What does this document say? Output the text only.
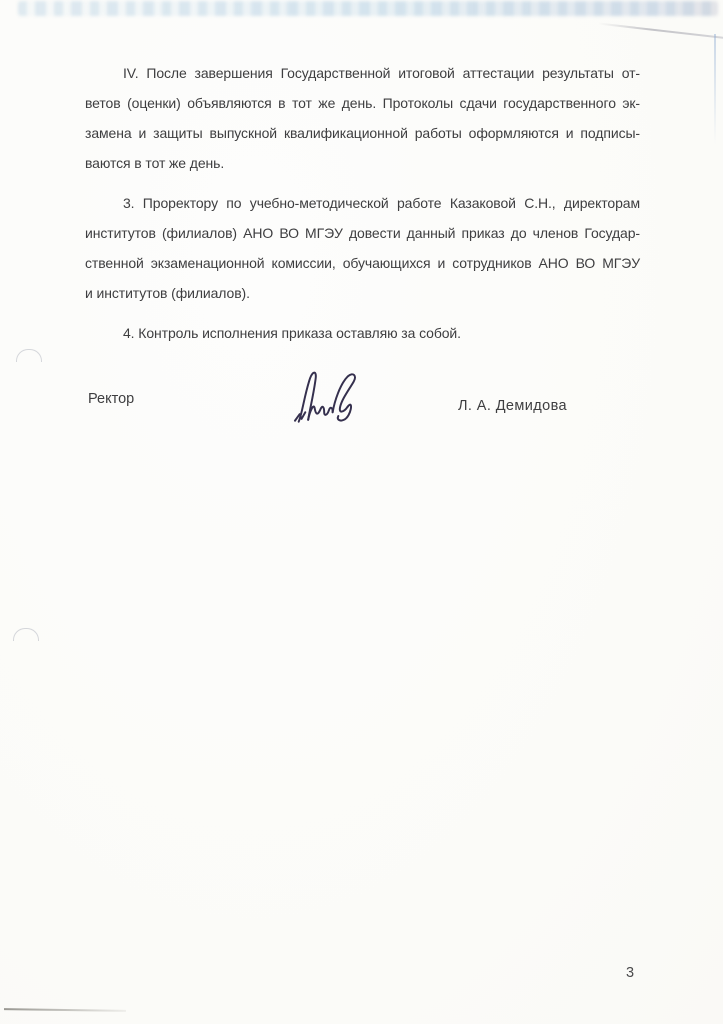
IV. После завершения Государственной итоговой аттестации результаты от-
ветов (оценки) объявляются в тот же день. Протоколы сдачи государственного эк-
замена и защиты выпускной квалификационной работы оформляются и подписы-
ваются в тот же день.

3. Проректору по учебно-методической работе Казаковой С.Н., директорам
институтов (филиалов) АНО ВО МГЭУ довести данный приказ до членов Государ-
ственной экзаменационной комиссии, обучающихся и сотрудников АНО ВО МГЭУ
и институтов (филиалов).

4. Контроль исполнения приказа оставляю за собой.

Ректор	Л. А. Демидова
3
